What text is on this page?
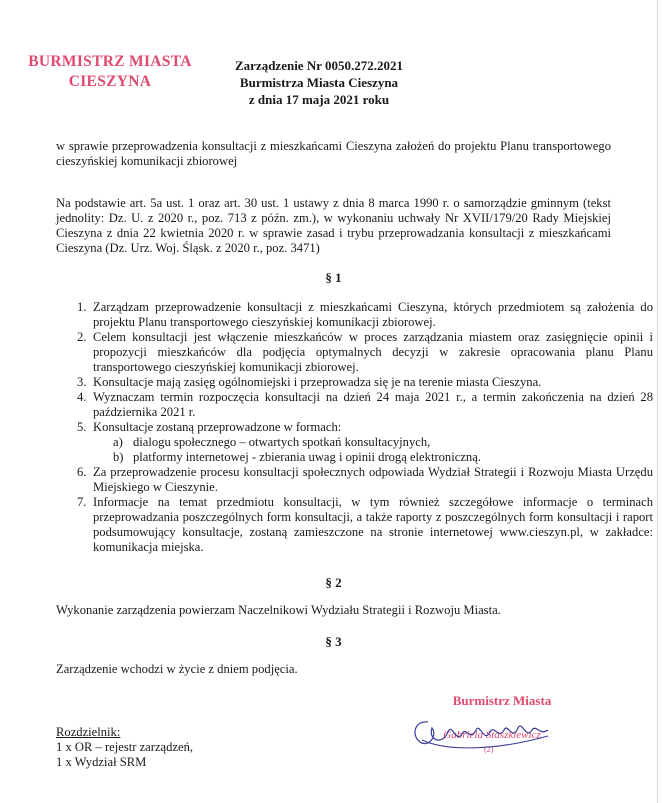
BURMISTRZ MIASTA
CIESZYNA
Zarządzenie Nr 0050.272.2021
Burmistrza Miasta Cieszyna
z dnia 17 maja 2021 roku
w sprawie przeprowadzenia konsultacji z mieszkańcami Cieszyna założeń do projektu Planu transportowego cieszyńskiej komunikacji zbiorowej
Na podstawie art. 5a ust. 1 oraz art. 30 ust. 1 ustawy z dnia 8 marca 1990 r. o samorządzie gminnym (tekst jednolity: Dz. U. z 2020 r., poz. 713 z późn. zm.), w wykonaniu uchwały Nr XVII/179/20 Rady Miejskiej Cieszyna z dnia 22 kwietnia 2020 r. w sprawie zasad i trybu przeprowadzania konsultacji z mieszkańcami Cieszyna (Dz. Urz. Woj. Śląsk. z 2020 r., poz. 3471)
§ 1
1. Zarządzam przeprowadzenie konsultacji z mieszkańcami Cieszyna, których przedmiotem są założenia do projektu Planu transportowego cieszyńskiej komunikacji zbiorowej.
2. Celem konsultacji jest włączenie mieszkańców w proces zarządzania miastem oraz zasięgnięcie opinii i propozycji mieszkańców dla podjęcia optymalnych decyzji w zakresie opracowania planu Planu transportowego cieszyńskiej komunikacji zbiorowej.
3. Konsultacje mają zasięg ogólnomiejski i przeprowadza się je na terenie miasta Cieszyna.
4. Wyznaczam termin rozpoczęcia konsultacji na dzień 24 maja 2021 r., a termin zakończenia na dzień 28 października 2021 r.
5. Konsultacje zostaną przeprowadzone w formach:
a) dialogu społecznego – otwartych spotkań konsultacyjnych,
b) platformy internetowej - zbierania uwag i opinii drogą elektroniczną.
6. Za przeprowadzenie procesu konsultacji społecznych odpowiada Wydział Strategii i Rozwoju Miasta Urzędu Miejskiego w Cieszynie.
7. Informacje na temat przedmiotu konsultacji, w tym również szczegółowe informacje o terminach przeprowadzania poszczególnych form konsultacji, a także raporty z poszczególnych form konsultacji i raport podsumowujący konsultacje, zostaną zamieszczone na stronie internetowej www.cieszyn.pl, w zakładce: komunikacja miejska.
§ 2
Wykonanie zarządzenia powierzam Naczelnikowi Wydziału Strategii i Rozwoju Miasta.
§ 3
Zarządzenie wchodzi w życie z dniem podjęcia.
Rozdzielnik:
1 x OR – rejestr zarządzeń,
1 x Wydział SRM
Burmistrz Miasta
Gabriela Staszkiewicz
(2)
